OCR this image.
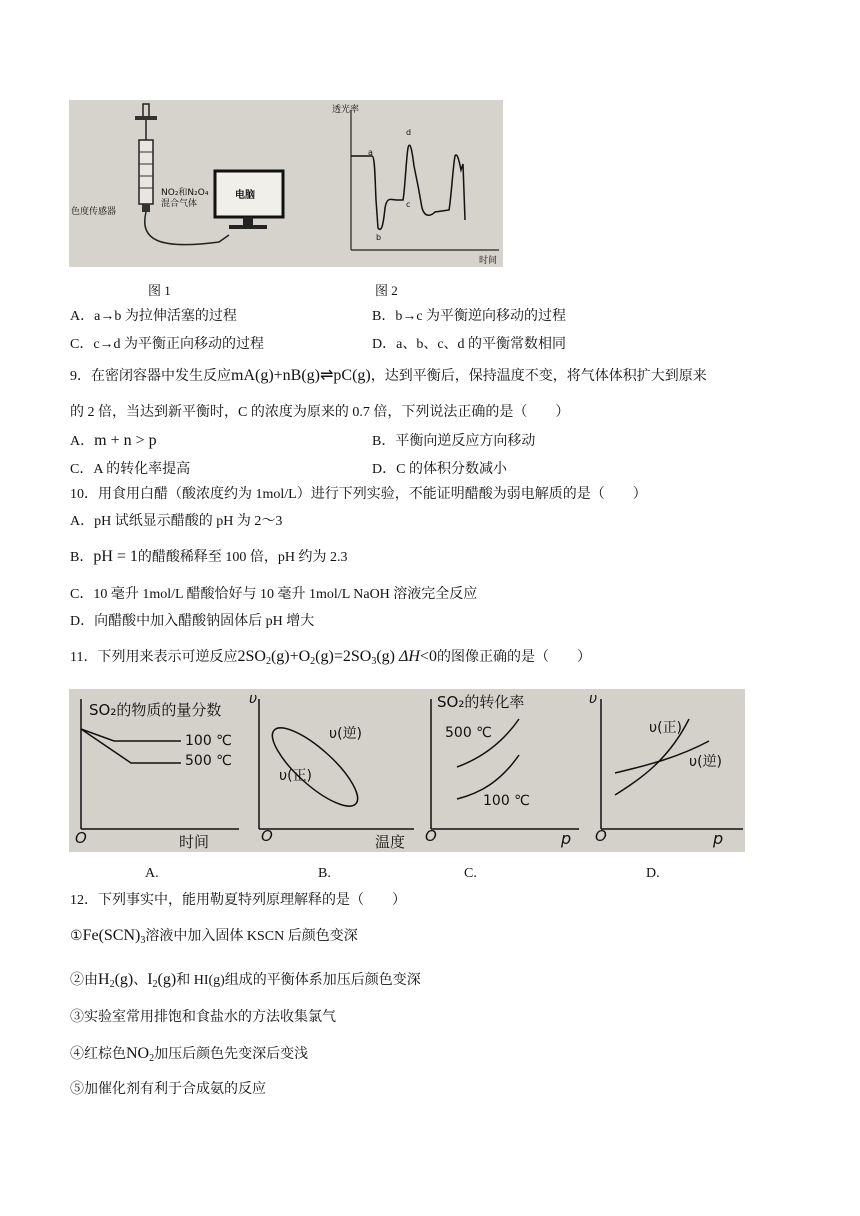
NO₂和N₂O₄
混合气体
色度传感器
电脑
透光率
时间
a
b
c
d
图 1	图 2
A．a→b 为拉伸活塞的过程	B．b→c 为平衡逆向移动的过程
C．c→d 为平衡正向移动的过程	D．a、b、c、d 的平衡常数相同
9．在密闭容器中发生反应mA(g)+nB(g)⇌pC(g)，达到平衡后，保持温度不变，将气体体积扩大到原来
的 2 倍，当达到新平衡时，C 的浓度为原来的 0.7 倍，下列说法正确的是（　　）
A．m + n > p	B．平衡向逆反应方向移动
C．A 的转化率提高	D．C 的体积分数减小
10．用食用白醋（酸浓度约为 1mol/L）进行下列实验，不能证明醋酸为弱电解质的是（　　）
A．pH 试纸显示醋酸的 pH 为 2～3
B．pH = 1的醋酸稀释至 100 倍，pH 约为 2.3
C．10 毫升 1mol/L 醋酸恰好与 10 毫升 1mol/L NaOH 溶液完全反应
D．向醋酸中加入醋酸钠固体后 pH 增大
11．下列用来表示可逆反应$2SO_2(g)+O_2(g)=2SO_3(g)$ ΔH<0的图像正确的是（　　）
SO₂的物质的量分数
100 ℃
500 ℃
O	时间
υ
υ(逆)
υ(正)
O	温度
SO₂的转化率
500 ℃
100 ℃
O	p
υ
υ(正)
υ(逆)
O	p
A.	B.	C.	D.
12．下列事实中，能用勒夏特列原理解释的是（　　）
$①Fe(SCN)_3$溶液中加入固体 KSCN 后颜色变深
②由$H_2(g)$、$I_2(g)$和 HI(g)组成的平衡体系加压后颜色变深
③实验室常用排饱和食盐水的方法收集氯气
④红棕色$NO_2$加压后颜色先变深后变浅
⑤加催化剂有利于合成氨的反应
